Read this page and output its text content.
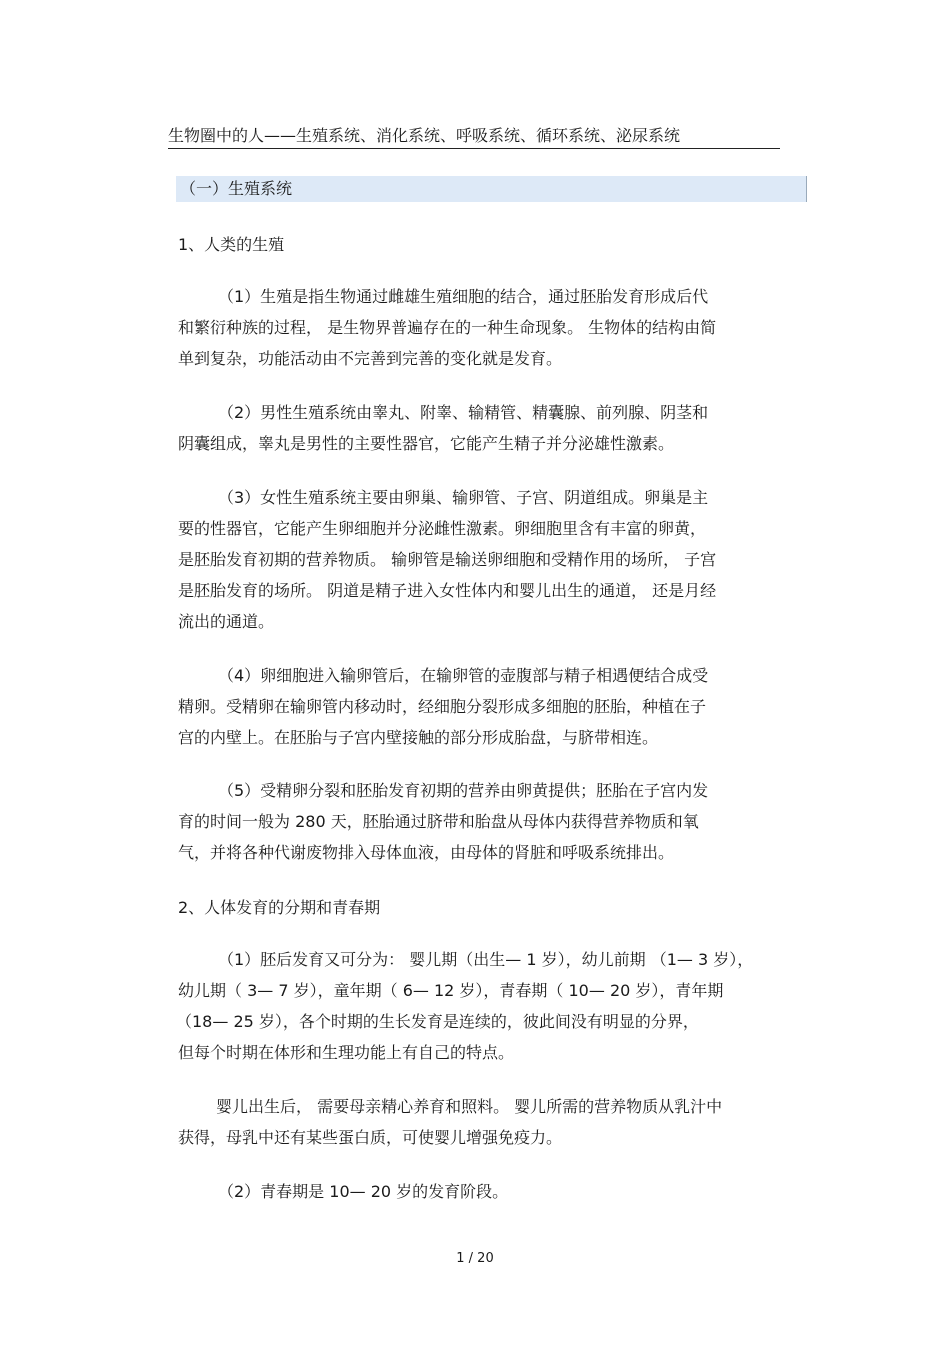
生物圈中的人——生殖系统、消化系统、呼吸系统、循环系统、泌尿系统
（一）生殖系统
1、人类的生殖
（1）生殖是指生物通过雌雄生殖细胞的结合，通过胚胎发育形成后代
和繁衍种族的过程， 是生物界普遍存在的一种生命现象。 生物体的结构由简
单到复杂，功能活动由不完善到完善的变化就是发育。
（2）男性生殖系统由睾丸、附睾、输精管、精囊腺、前列腺、阴茎和
阴囊组成，睾丸是男性的主要性器官，它能产生精子并分泌雄性激素。
（3）女性生殖系统主要由卵巢、输卵管、子宫、阴道组成。卵巢是主
要的性器官，它能产生卵细胞并分泌雌性激素。卵细胞里含有丰富的卵黄，
是胚胎发育初期的营养物质。 输卵管是输送卵细胞和受精作用的场所， 子宫
是胚胎发育的场所。 阴道是精子进入女性体内和婴儿出生的通道， 还是月经
流出的通道。
（4）卵细胞进入输卵管后，在输卵管的壶腹部与精子相遇便结合成受
精卵。受精卵在输卵管内移动时，经细胞分裂形成多细胞的胚胎，种植在子
宫的内壁上。在胚胎与子宫内壁接触的部分形成胎盘，与脐带相连。
（5）受精卵分裂和胚胎发育初期的营养由卵黄提供；胚胎在子宫内发
育的时间一般为 280 天，胚胎通过脐带和胎盘从母体内获得营养物质和氧
气，并将各种代谢废物排入母体血液，由母体的肾脏和呼吸系统排出。
2、人体发育的分期和青春期
（1）胚后发育又可分为： 婴儿期（出生— 1 岁），幼儿前期 （1— 3 岁），
幼儿期（ 3— 7 岁），童年期（ 6— 12 岁），青春期（ 10— 20 岁），青年期
（18— 25 岁），各个时期的生长发育是连续的，彼此间没有明显的分界，
但每个时期在体形和生理功能上有自己的特点。
婴儿出生后， 需要母亲精心养育和照料。 婴儿所需的营养物质从乳汁中
获得，母乳中还有某些蛋白质，可使婴儿增强免疫力。
（2）青春期是 10— 20 岁的发育阶段。
1 / 20
